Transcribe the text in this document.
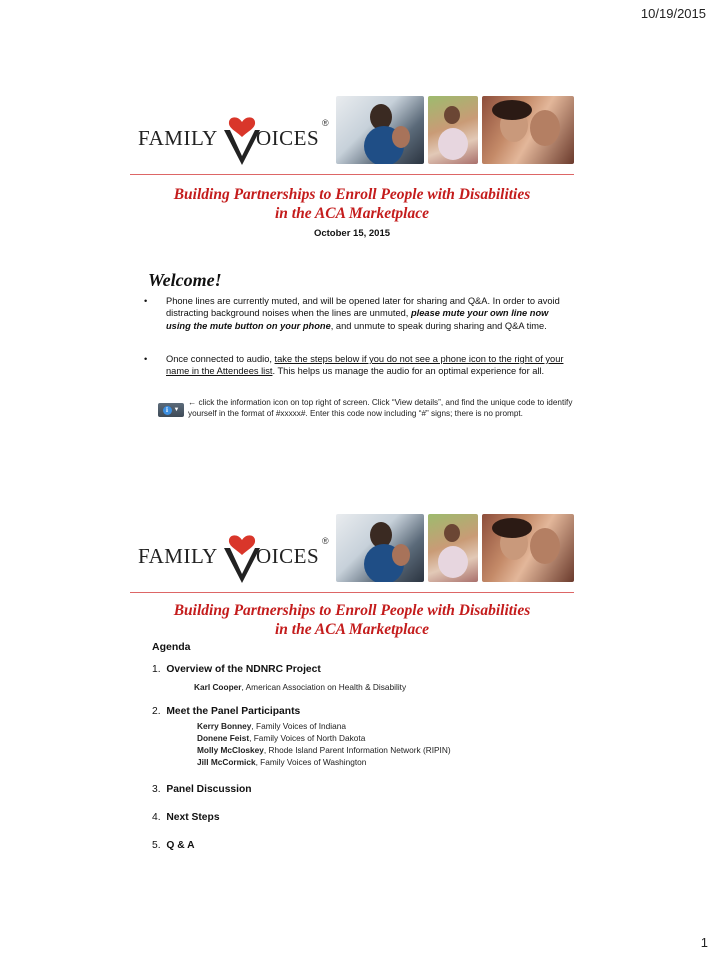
10/19/2015
FAMILY OICES
®
Building Partnerships to Enroll People with Disabilities
in the ACA Marketplace
October 15, 2015
Welcome!
• Phone lines are currently muted, and will be opened later for sharing and Q&A. In order to avoid distracting background noises when the lines are unmuted, please mute your own line now using the mute button on your phone, and unmute to speak during sharing and Q&A time.
• Once connected to audio, take the steps below if you do not see a phone icon to the right of your name in the Attendees list. This helps us manage the audio for an optimal experience for all.
i ▼
← click the information icon on top right of screen. Click “View details”, and find the unique code to identify yourself in the format of #xxxxx#. Enter this code now including “#” signs; there is no prompt.
FAMILY OICES
®
Building Partnerships to Enroll People with Disabilities
in the ACA Marketplace
Agenda
1. Overview of the NDNRC Project
Karl Cooper, American Association on Health & Disability
2. Meet the Panel Participants
Kerry Bonney, Family Voices of Indiana
Donene Feist, Family Voices of North Dakota
Molly McCloskey, Rhode Island Parent Information Network (RIPIN)
Jill McCormick, Family Voices of Washington
3. Panel Discussion
4. Next Steps
5. Q & A
1
